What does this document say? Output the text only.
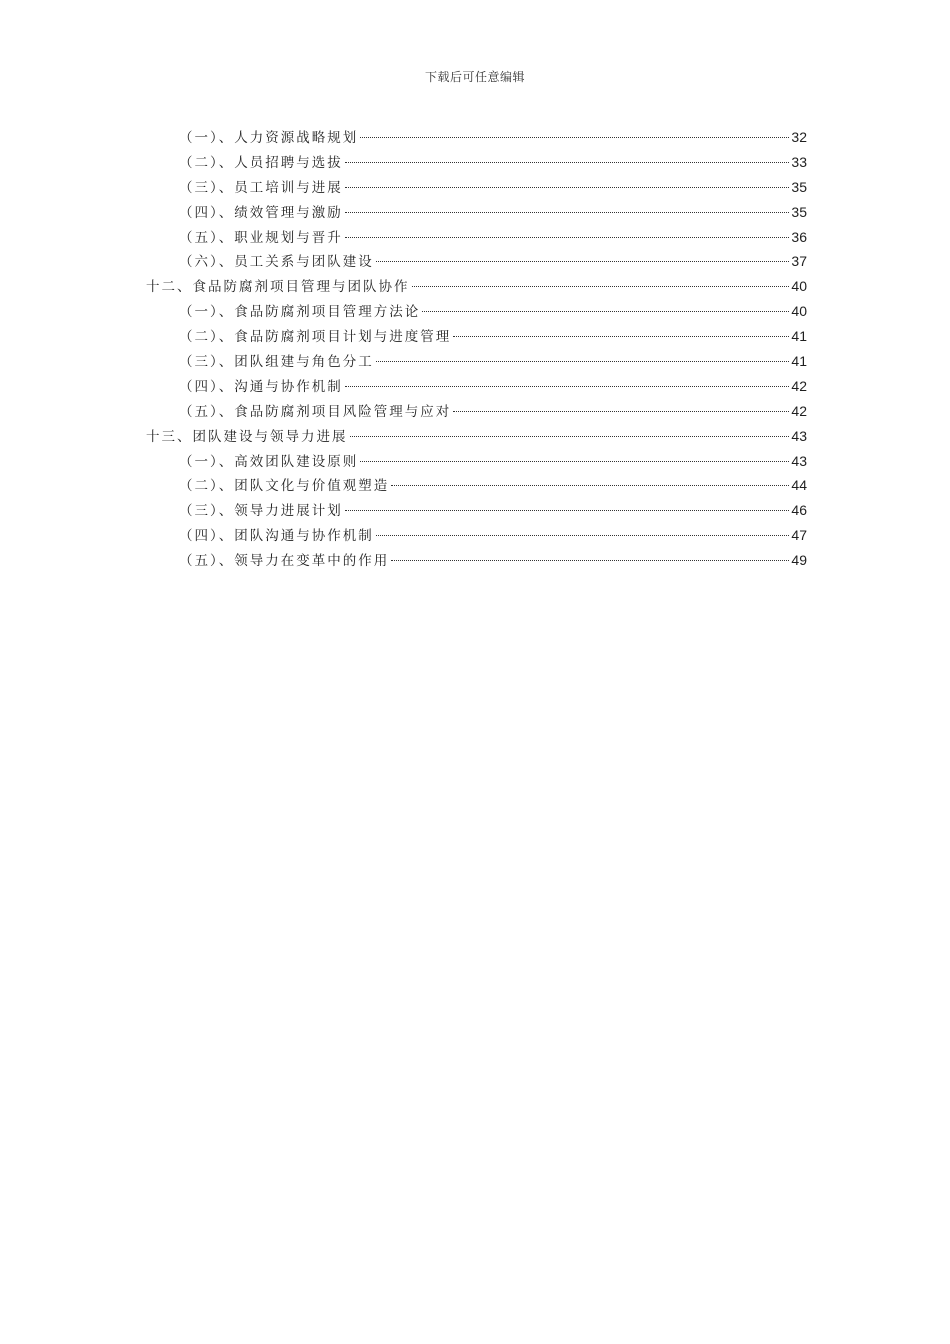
下载后可任意编辑
（一）、人力资源战略规划	32
（二）、人员招聘与选拔	33
（三）、员工培训与进展	35
（四）、绩效管理与激励	35
（五）、职业规划与晋升	36
（六）、员工关系与团队建设	37
十二、食品防腐剂项目管理与团队协作	40
（一）、食品防腐剂项目管理方法论	40
（二）、食品防腐剂项目计划与进度管理	41
（三）、团队组建与角色分工	41
（四）、沟通与协作机制	42
（五）、食品防腐剂项目风险管理与应对	42
十三、团队建设与领导力进展	43
（一）、高效团队建设原则	43
（二）、团队文化与价值观塑造	44
（三）、领导力进展计划	46
（四）、团队沟通与协作机制	47
（五）、领导力在变革中的作用	49
